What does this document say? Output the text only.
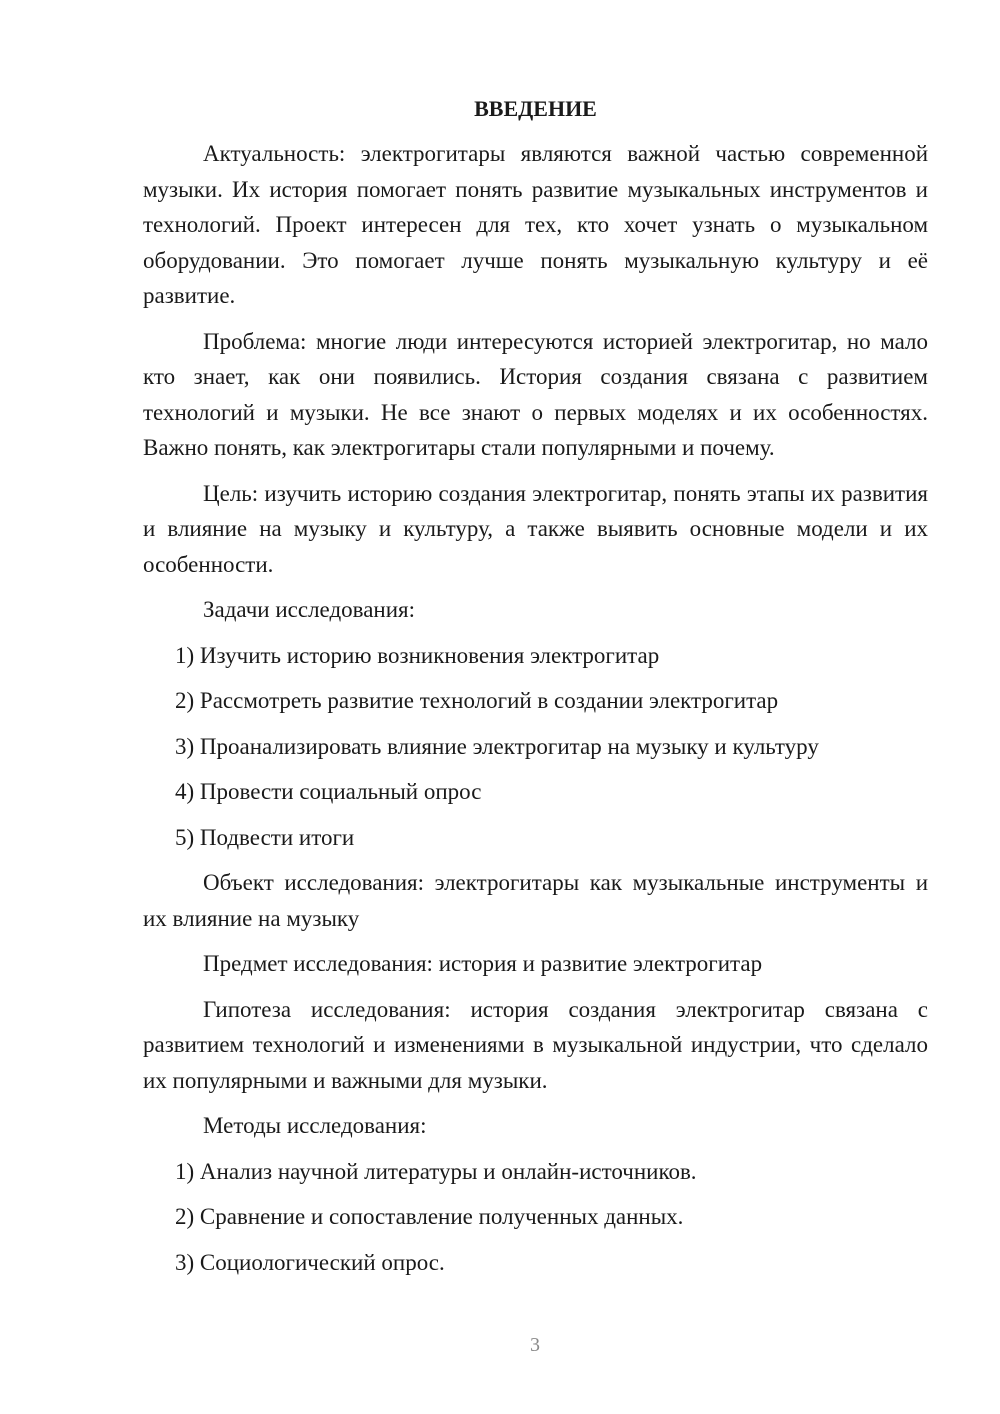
ВВЕДЕНИЕ

Актуальность: электрогитары являются важной частью современной музыки. Их история помогает понять развитие музыкальных инструментов и технологий. Проект интересен для тех, кто хочет узнать о музыкальном оборудовании. Это помогает лучше понять музыкальную культуру и её развитие.

Проблема: многие люди интересуются историей электрогитар, но мало кто знает, как они появились. История создания связана с развитием технологий и музыки. Не все знают о первых моделях и их особенностях. Важно понять, как электрогитары стали популярными и почему.

Цель: изучить историю создания электрогитар, понять этапы их развития и влияние на музыку и культуру, а также выявить основные модели и их особенности.

Задачи исследования:

1) Изучить историю возникновения электрогитар

2) Рассмотреть развитие технологий в создании электрогитар

3) Проанализировать влияние электрогитар на музыку и культуру

4) Провести социальный опрос

5) Подвести итоги

Объект исследования: электрогитары как музыкальные инструменты и их влияние на музыку

Предмет исследования: история и развитие электрогитар

Гипотеза исследования: история создания электрогитар связана с развитием технологий и изменениями в музыкальной индустрии, что сделало их популярными и важными для музыки.

Методы исследования:

1) Анализ научной литературы и онлайн-источников.

2) Сравнение и сопоставление полученных данных.

3) Социологический опрос.

3
